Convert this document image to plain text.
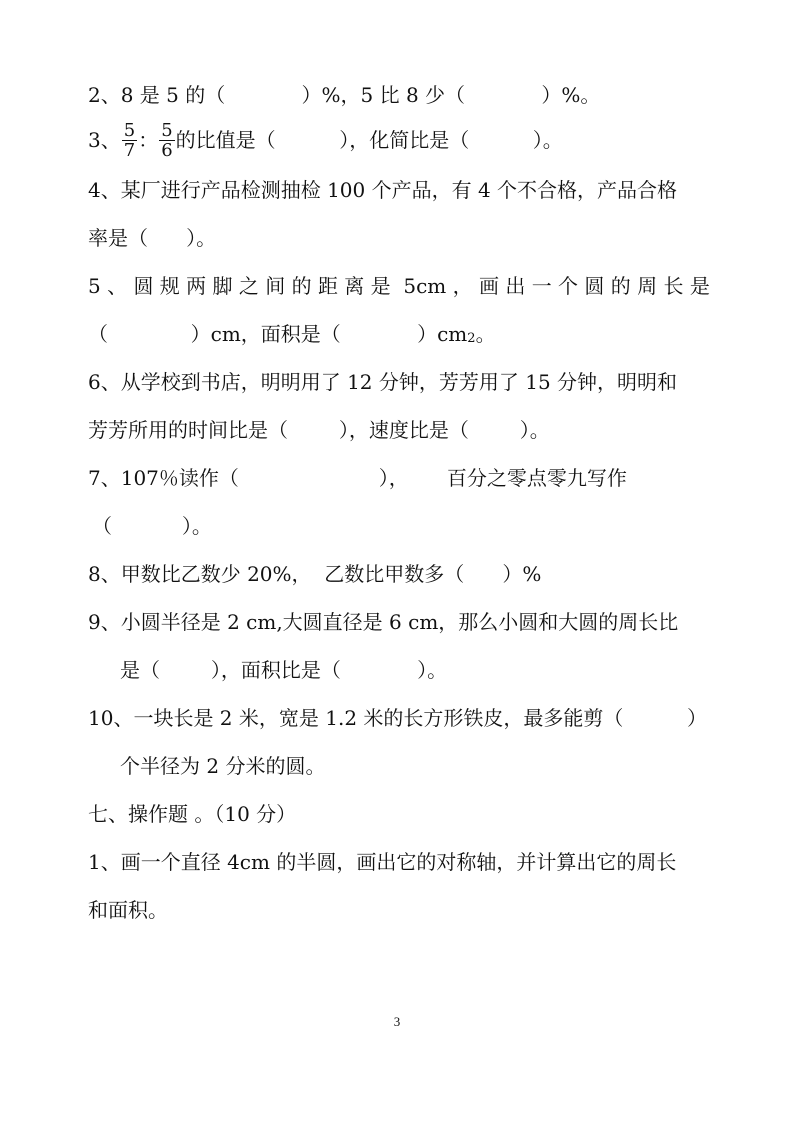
2、8 是 5 的（            ）%，5 比 8 少（            ）%。
3、 $\frac{5}{7}$ ： $\frac{5}{6}$ 的比值是（          ），化简比是（          ）。
4、某厂进行产品检测抽检 100 个产品，有 4 个不合格，产品合格
率是（      ）。
5 、 圆 规 两 脚 之 间 的 距 离 是  5cm ， 画 出 一 个 圆 的 周 长 是
（             ）cm，面积是（            ）cm 2 。
6、从学校到书店，明明用了 12 分钟，芳芳用了 15 分钟，明明和
芳芳所用的时间比是（        ），速度比是（        ）。
7、107％读作（                      ），      百分之零点零九写作
（           ）。
8、甲数比乙数少 20%，  乙数比甲数多（      ）%
9、小圆半径是 2 cm,大圆直径是 6 cm，那么小圆和大圆的周长比
是（        ），面积比是（            ）。
10、一块长是 2 米，宽是 1.2 米的长方形铁皮，最多能剪（          ）
个半径为 2 分米的圆。
七、操作题 。（10 分）
1、画一个直径 4cm 的半圆，画出它的对称轴，并计算出它的周长
和面积。
3
